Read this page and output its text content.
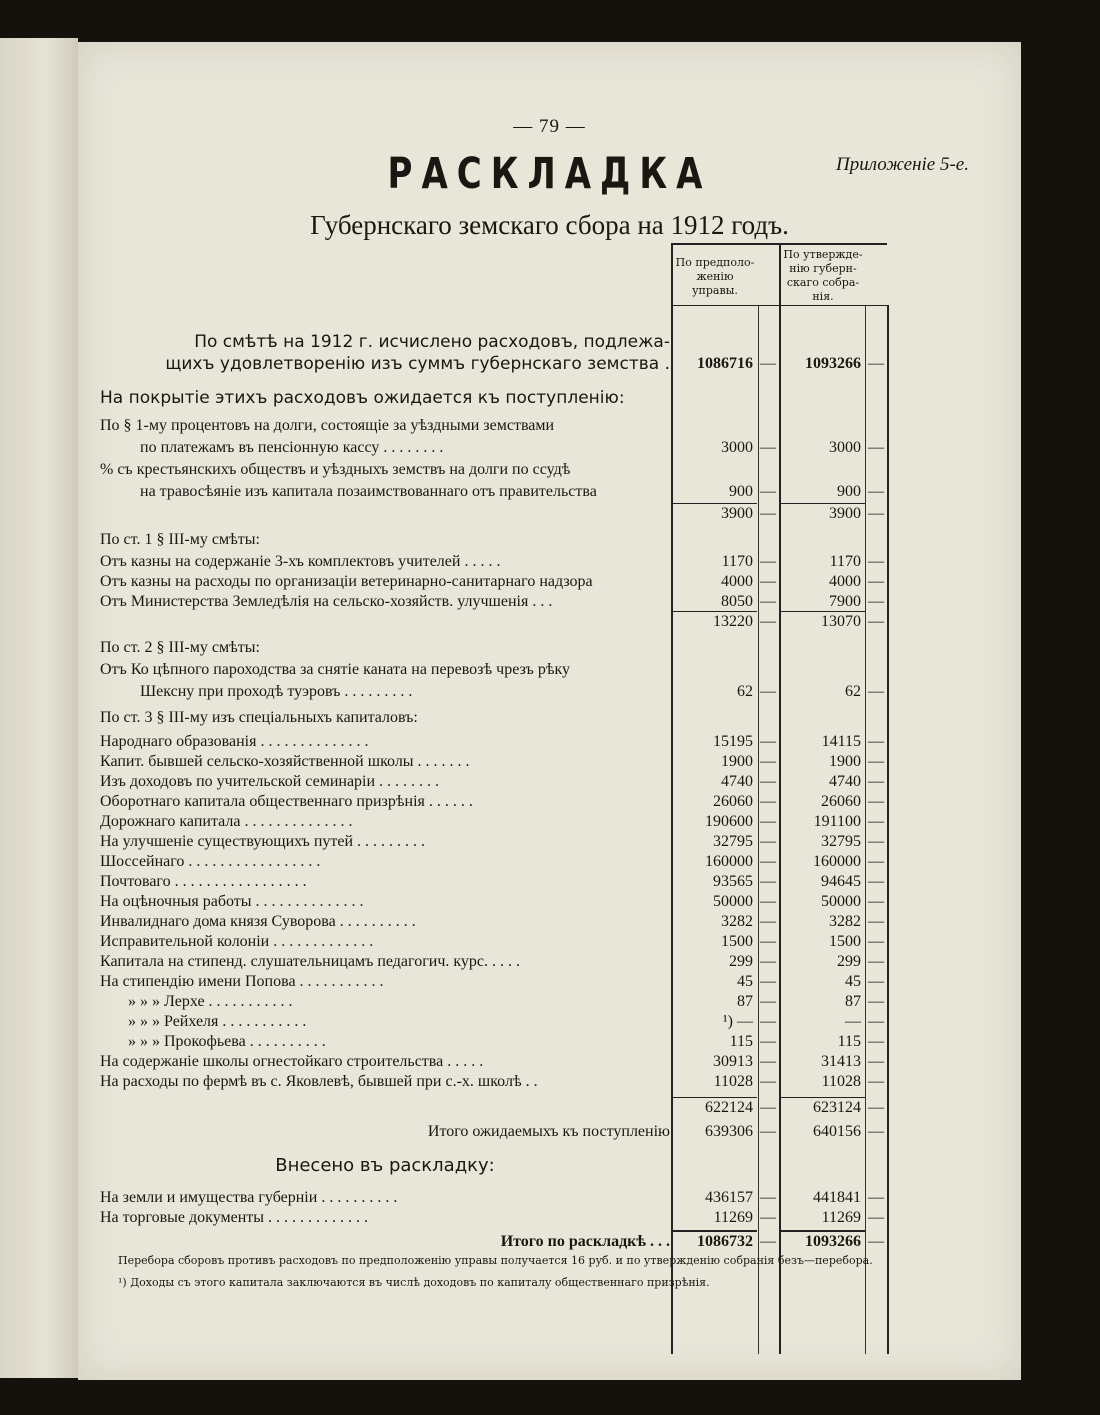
— 79 —
РАСКЛАДКА	Приложеніе 5-е.
Губернскаго земскаго сбора на 1912 годъ.
По предполо-
женію управы.
По утвержде-
нію губерн-
скаго собра-
нія.
По смѣтѣ на 1912 г. исчислено расходовъ, подлежа-
щихъ удовлетворенію изъ суммъ губернскаго земства .	1086716 —	1093266 —
На покрытіе этихъ расходовъ ожидается къ поступленію:
По § 1-му процентовъ на долги, состоящіе за уѣздными земствами
по платежамъ въ пенсіонную кассу . . . . . . . .	3000 —	3000 —
% съ крестьянскихъ обществъ и уѣздныхъ земствъ на долги по ссудѣ
на травосѣяніе изъ капитала позаимствованнаго отъ правительства	900 —	900 —
3900 —	3900 —
По ст. 1 § III-му смѣты:
Отъ казны на содержаніе 3-хъ комплектовъ учителей . . . . .	1170 —	1170 —
Отъ казны на расходы по организаціи ветеринарно-санитарнаго надзора	4000 —	4000 —
Отъ Министерства Земледѣлія на сельско-хозяйств. улучшенія . . .	8050 —	7900 —
13220 —	13070 —
По ст. 2 § III-му смѣты:
Отъ Ко цѣпного пароходства за снятіе каната на перевозѣ чрезъ рѣку
Шексну при проходѣ туэровъ . . . . . . . . .	62 —	62 —
По ст. 3 § III-му изъ спеціальныхъ капиталовъ:
Народнаго образованія . . . . . . . . . . . . . .	15195 —	14115 —
Капит. бывшей сельско-хозяйственной школы . . . . . . .	1900 —	1900 —
Изъ доходовъ по учительской семинаріи . . . . . . . .	4740 —	4740 —
Оборотнаго капитала общественнаго призрѣнія . . . . . .	26060 —	26060 —
Дорожнаго капитала . . . . . . . . . . . . . .	190600 —	191100 —
На улучшеніе существующихъ путей . . . . . . . . .	32795 —	32795 —
Шоссейнаго . . . . . . . . . . . . . . . . .	160000 —	160000 —
Почтоваго . . . . . . . . . . . . . . . . .	93565 —	94645 —
На оцѣночныя работы . . . . . . . . . . . . . .	50000 —	50000 —
Инвалиднаго дома князя Суворова . . . . . . . . . .	3282 —	3282 —
Исправительной колоніи . . . . . . . . . . . . .	1500 —	1500 —
Капитала на стипенд. слушательницамъ педагогич. курс. . . . .	299 —	299 —
На стипендію имени Попова . . . . . . . . . . .	45 —	45 —
» » » Лерхе . . . . . . . . . . .	87 —	87 —
» » » Рейхеля . . . . . . . . . . .	¹) — —	— —
» » » Прокофьева . . . . . . . . . .	115 —	115 —
На содержаніе школы огнестойкаго строительства . . . . .	30913 —	31413 —
На расходы по фермѣ въ с. Яковлевѣ, бывшей при с.-х. школѣ . .	11028 —	11028 —
622124 —	623124 —
Итого ожидаемыхъ къ поступленію	639306 —	640156 —
Внесено въ раскладку:
На земли и имущества губерніи . . . . . . . . . .	436157 —	441841 —
На торговые документы . . . . . . . . . . . . .	11269 —	11269 —
Итого по раскладкѣ . . .	1086732 —	1093266 —
Перебора сборовъ противъ расходовъ по предположенію управы получается 16 руб. и по утвержденію собранія безъ—перебора.
¹) Доходы съ этого капитала заключаются въ числѣ доходовъ по капиталу общественнаго призрѣнія.
